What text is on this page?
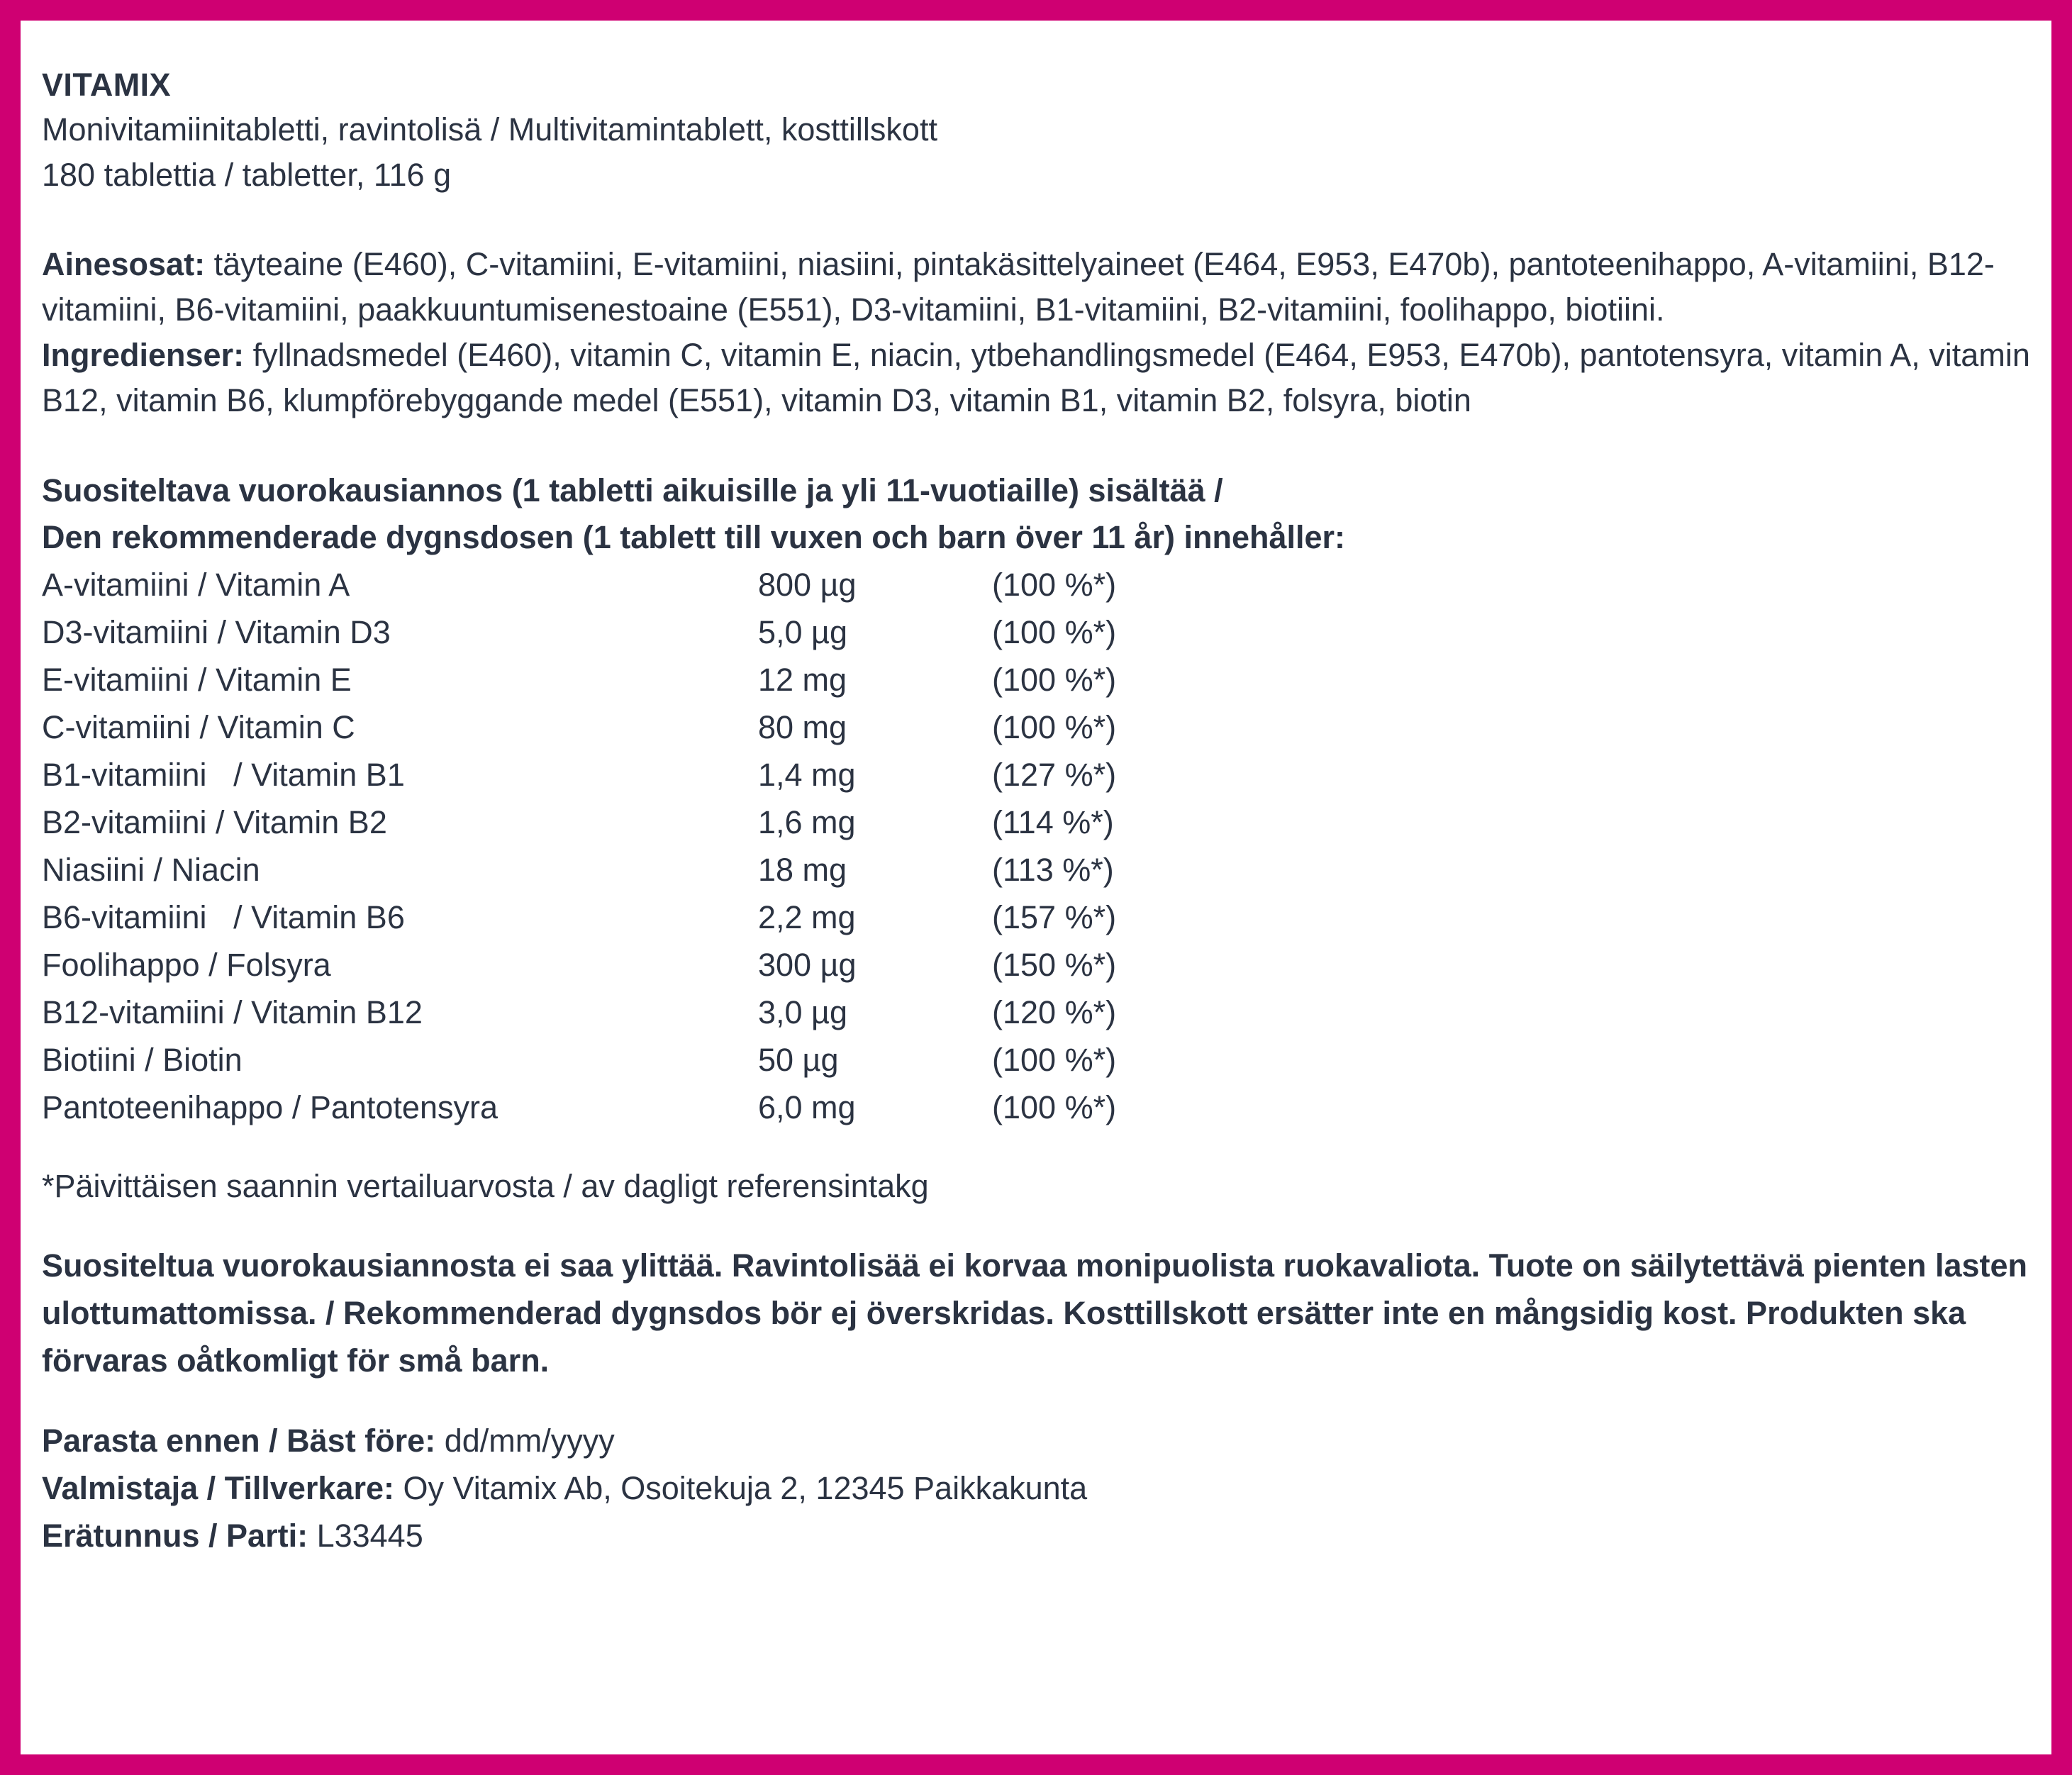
VITAMIX
Monivitamiinitabletti, ravintolisä / Multivitamintablett, kosttillskott
180 tablettia / tabletter, 116 g

Ainesosat: täyteaine (E460), C-vitamiini, E-vitamiini, niasiini, pintakäsittelyaineet (E464, E953, E470b), pantoteenihappo, A-vitamiini, B12-vitamiini, B6-vitamiini, paakkuuntumisenestoaine (E551), D3-vitamiini, B1-vitamiini, B2-vitamiini, foolihappo, biotiini.

Ingredienser: fyllnadsmedel (E460), vitamin C, vitamin E, niacin, ytbehandlingsmedel (E464, E953, E470b), pantotensyra, vitamin A, vitamin B12, vitamin B6, klumpförebyggande medel (E551), vitamin D3, vitamin B1, vitamin B2, folsyra, biotin

Suositeltava vuorokausiannos (1 tabletti aikuisille ja yli 11-vuotiaille) sisältää /
Den rekommenderade dygnsdosen (1 tablett till vuxen och barn över 11 år) innehåller:
A-vitamiini / Vitamin A	800 µg	(100 %*)
D3-vitamiini / Vitamin D3	5,0 µg	(100 %*)
E-vitamiini / Vitamin E	12 mg	(100 %*)
C-vitamiini / Vitamin C	80 mg	(100 %*)
B1-vitamiini   / Vitamin B1	1,4 mg	(127 %*)
B2-vitamiini / Vitamin B2	1,6 mg	(114 %*)
Niasiini / Niacin	18 mg	(113 %*)
B6-vitamiini   / Vitamin B6	2,2 mg	(157 %*)
Foolihappo / Folsyra	300 µg	(150 %*)
B12-vitamiini / Vitamin B12	3,0 µg	(120 %*)
Biotiini / Biotin	50 µg	(100 %*)
Pantoteenihappo / Pantotensyra	6,0 mg	(100 %*)
*Päivittäisen saannin vertailuarvosta / av dagligt referensintakg

Suositeltua vuorokausiannosta ei saa ylittää. Ravintolisää ei korvaa monipuolista ruokavaliota. Tuote on säilytettävä pienten lasten ulottumattomissa. / Rekommenderad dygnsdos bör ej överskridas. Kosttillskott ersätter inte en mångsidig kost. Produkten ska förvaras oåtkomligt för små barn.

Parasta ennen / Bäst före: dd/mm/yyyy

Valmistaja / Tillverkare: Oy Vitamix Ab, Osoitekuja 2, 12345 Paikkakunta

Erätunnus / Parti: L33445
